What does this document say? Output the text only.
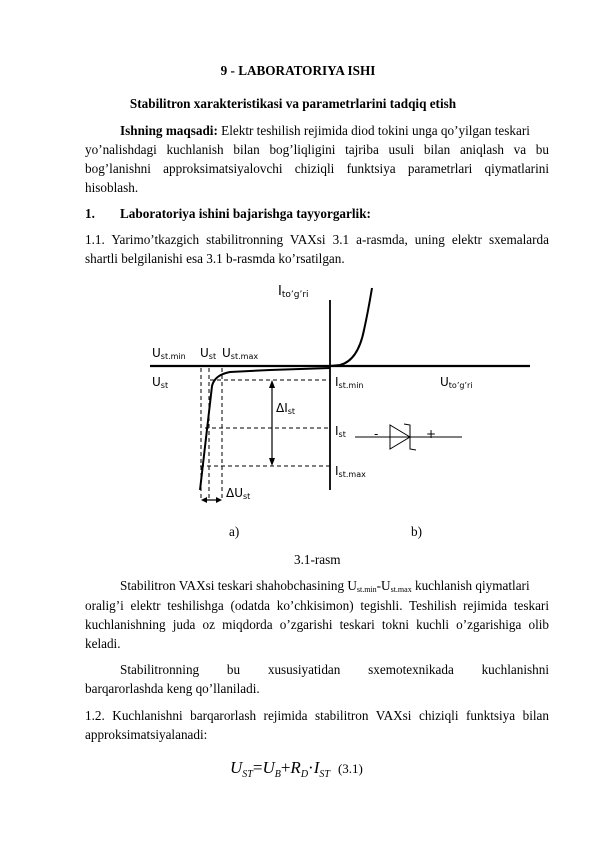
9 - LABORATORIYA ISHI
Stabilitron xarakteristikasi va parametrlarini tadqiq etish
Ishning maqsadi: Elektr teshilish rejimida diod tokini unga qo’yilgan teskari
yo’nalishdagi kuchlanish bilan bog’liqligini tajriba usuli bilan aniqlash va bu
bog’lanishni approksimatsiyalovchi chiziqli funktsiya parametrlari qiymatlarini
hisoblash.
1. Laboratoriya ishini bajarishga tayyorgarlik:
1.1. Yarimo’tkazgich stabilitronning VAXsi 3.1 a-rasmda, uning elektr sxemalarda
shartli belgilanishi esa 3.1 b-rasmda ko’rsatilgan.
-	+
Ito’g’ri
Ust.min Ust Ust.max
Ust	Uto’g’ri
Ist.min
ΔIst
Ist
Ist.max
ΔUst
a)	b)
3.1-rasm
Stabilitron VAXsi teskari shahobchasining $U_{st.min}-U_{st.max}$ kuchlanish qiymatlari
oralig’i elektr teshilishga (odatda ko’chkisimon) tegishli. Teshilish rejimida teskari
kuchlanishning juda oz miqdorda o’zgarishi teskari tokni kuchli o’zgarishiga olib
keladi.
Stabilitronning bu xususiyatidan sxemotexnikada kuchlanishni
barqarorlashda keng qo’llaniladi.
1.2. Kuchlanishni barqarorlash rejimida stabilitron VAXsi chiziqli funktsiya bilan
approksimatsiyalanadi:
$U_{ST}=U_B+R_D\cdot I_{ST}$ (3.1)
